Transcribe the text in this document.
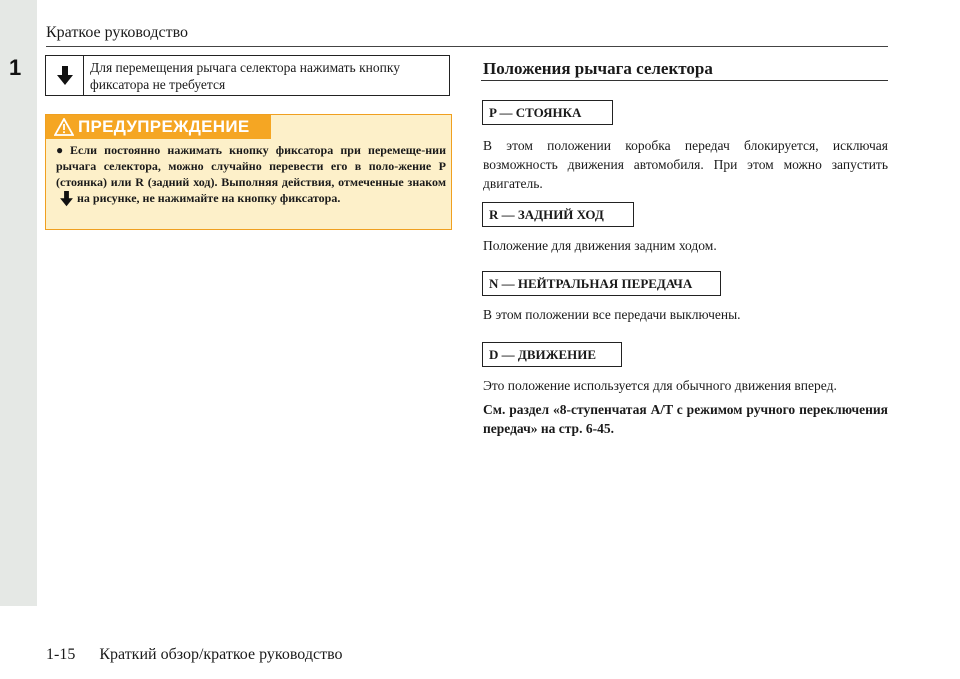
1
Краткое руководство
Для перемещения рычага селектора нажимать кнопку фиксатора не требуется
ПРЕДУПРЕЖДЕНИЕ
● Если постоянно нажимать кнопку фиксатора при перемеще-нии рычага селектора, можно случайно перевести его в поло-жение P (стоянка) или R (задний ход). Выполняя действия, отмеченные знакомна рисунке, не нажимайте на кнопку фиксатора.
Положения рычага селектора
P — СТОЯНКА
В этом положении коробка передач блокируется, исключая возможность движения автомобиля. При этом можно запустить двигатель.
R — ЗАДНИЙ ХОД
Положение для движения задним ходом.
N — НЕЙТРАЛЬНАЯ ПЕРЕДАЧА
В этом положении все передачи выключены.
D — ДВИЖЕНИЕ
Это положение используется для обычного движения вперед.
См. раздел «8-ступенчатая A/T с режимом ручного переключения передач» на стр. 6-45.
1-15 Краткий обзор/краткое руководство
